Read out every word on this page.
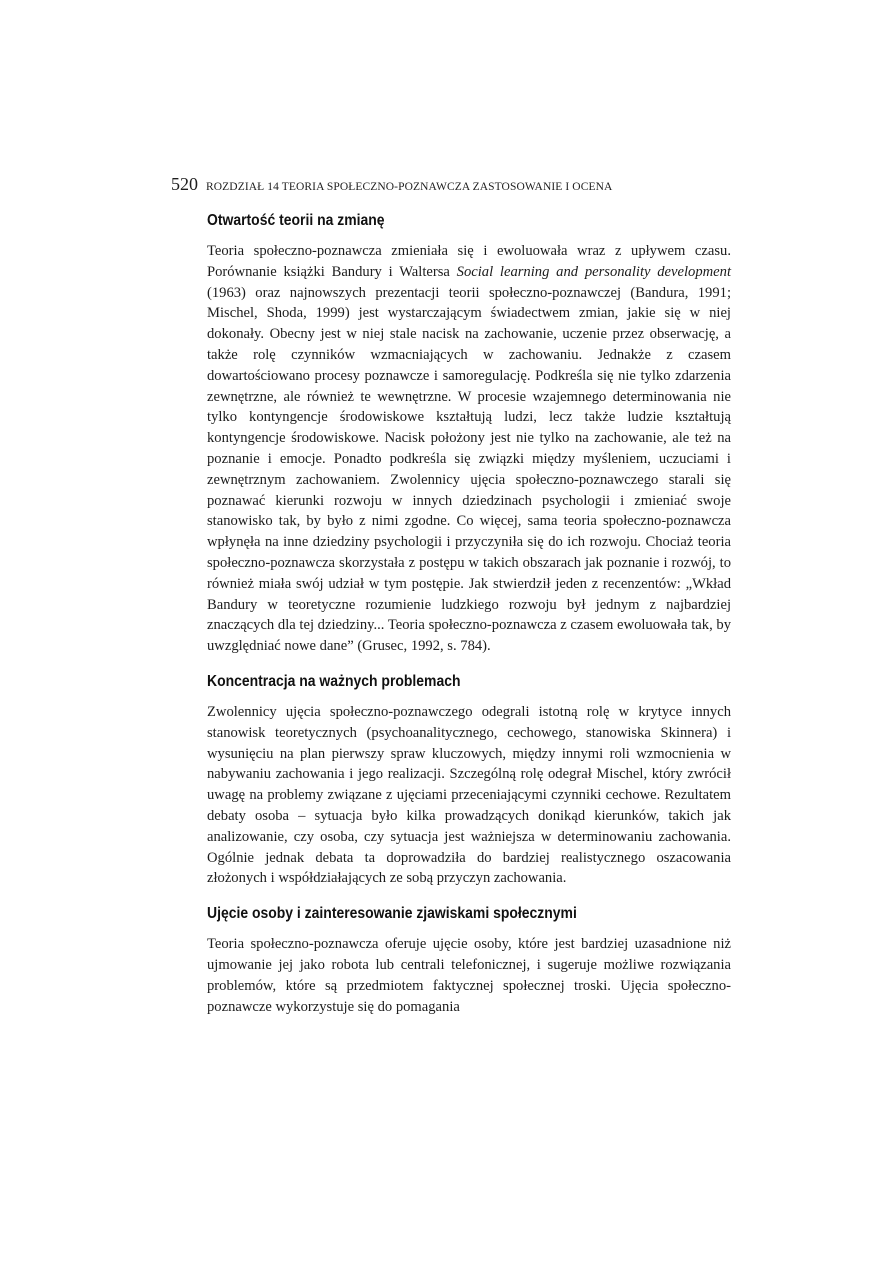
520 ROZDZIAŁ 14 TEORIA SPOŁECZNO-POZNAWCZA ZASTOSOWANIE I OCENA
Otwartość teorii na zmianę

Teoria społeczno-poznawcza zmieniała się i ewoluowała wraz z upływem czasu. Porównanie książki Bandury i Waltersa Social learning and personality development (1963) oraz najnowszych prezentacji teorii społeczno-poznawczej (Bandura, 1991; Mischel, Shoda, 1999) jest wystarczającym świadectwem zmian, jakie się w niej dokonały. Obecny jest w niej stale nacisk na zachowanie, uczenie przez obserwację, a także rolę czynników wzmacniających w zachowaniu. Jednakże z czasem dowartościowano procesy poznawcze i samoregulację. Podkreśla się nie tylko zdarzenia zewnętrzne, ale również te wewnętrzne. W procesie wzajemnego determinowania nie tylko kontyngencje środowiskowe kształtują ludzi, lecz także ludzie kształtują kontyngencje środowiskowe. Nacisk położony jest nie tylko na zachowanie, ale też na poznanie i emocje. Ponadto podkreśla się związki między myśleniem, uczuciami i zewnętrznym zachowaniem. Zwolennicy ujęcia społeczno-poznawczego starali się poznawać kierunki rozwoju w innych dziedzinach psychologii i zmieniać swoje stanowisko tak, by było z nimi zgodne. Co więcej, sama teoria społeczno-poznawcza wpłynęła na inne dziedziny psychologii i przyczyniła się do ich rozwoju. Chociaż teoria społeczno-poznawcza skorzystała z postępu w takich obszarach jak poznanie i rozwój, to również miała swój udział w tym postępie. Jak stwierdził jeden z recenzentów: „Wkład Bandury w teoretyczne rozumienie ludzkiego rozwoju był jednym z najbardziej znaczących dla tej dziedziny... Teoria społeczno-poznawcza z czasem ewoluowała tak, by uwzględniać nowe dane” (Grusec, 1992, s. 784).

Koncentracja na ważnych problemach

Zwolennicy ujęcia społeczno-poznawczego odegrali istotną rolę w krytyce innych stanowisk teoretycznych (psychoanalitycznego, cechowego, stanowiska Skinnera) i wysunięciu na plan pierwszy spraw kluczowych, między innymi roli wzmocnienia w nabywaniu zachowania i jego realizacji. Szczególną rolę odegrał Mischel, który zwrócił uwagę na problemy związane z ujęciami przeceniającymi czynniki cechowe. Rezultatem debaty osoba – sytuacja było kilka prowadzących donikąd kierunków, takich jak analizowanie, czy osoba, czy sytuacja jest ważniejsza w determinowaniu zachowania. Ogólnie jednak debata ta doprowadziła do bardziej realistycznego oszacowania złożonych i współdziałających ze sobą przyczyn zachowania.

Ujęcie osoby i zainteresowanie zjawiskami społecznymi

Teoria społeczno-poznawcza oferuje ujęcie osoby, które jest bardziej uzasadnione niż ujmowanie jej jako robota lub centrali telefonicznej, i sugeruje możliwe rozwiązania problemów, które są przedmiotem faktycznej społecznej troski. Ujęcia społeczno-poznawcze wykorzystuje się do pomagania
